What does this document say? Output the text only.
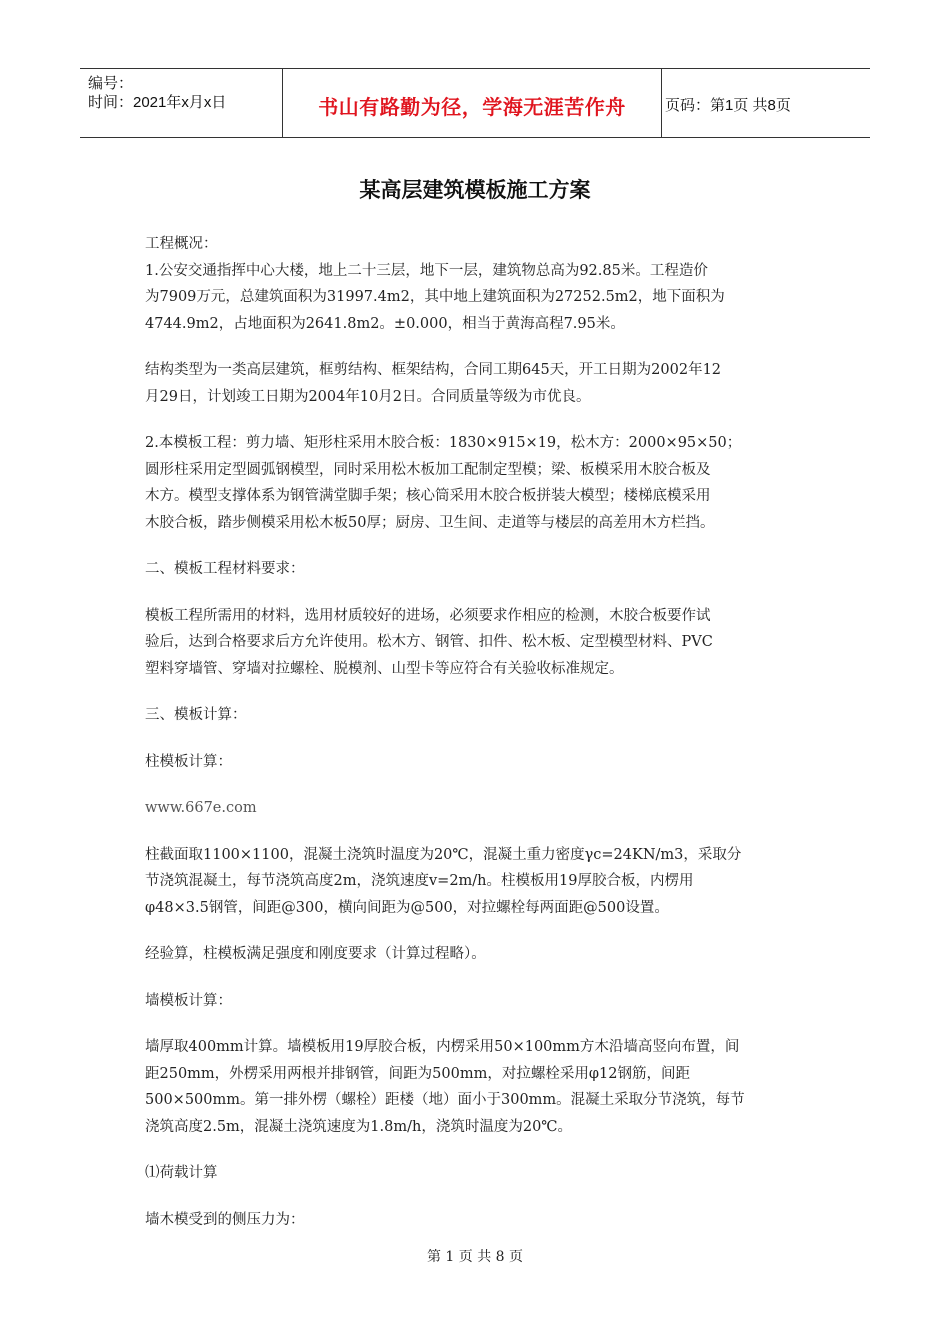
编号：
时间：2021年x月x日	书山有路勤为径，学海无涯苦作舟	页码：第1页 共8页
某高层建筑模板施工方案

工程概况：

1.公安交通指挥中心大楼，地上二十三层，地下一层，建筑物总高为92.85米。工程造价

为7909万元，总建筑面积为31997.4m2，其中地上建筑面积为27252.5m2，地下面积为

4744.9m2，占地面积为2641.8m2。±0.000，相当于黄海高程7.95米。

结构类型为一类高层建筑，框剪结构、框架结构，合同工期645天，开工日期为2002年12

月29日，计划竣工日期为2004年10月2日。合同质量等级为市优良。

2.本模板工程：剪力墙、矩形柱采用木胶合板：1830×915×19，松木方：2000×95×50；

圆形柱采用定型圆弧钢模型，同时采用松木板加工配制定型模；梁、板模采用木胶合板及

木方。模型支撑体系为钢管满堂脚手架；核心筒采用木胶合板拼装大模型；楼梯底模采用

木胶合板，踏步侧模采用松木板50厚；厨房、卫生间、走道等与楼层的高差用木方栏挡。

二、模板工程材料要求：

模板工程所需用的材料，选用材质较好的进场，必须要求作相应的检测，木胶合板要作试

验后，达到合格要求后方允许使用。松木方、钢管、扣件、松木板、定型模型材料、PVC

塑料穿墙管、穿墙对拉螺栓、脱模剂、山型卡等应符合有关验收标准规定。

三、模板计算：

柱模板计算：

www.667e.com

柱截面取1100×1100，混凝土浇筑时温度为20℃，混凝土重力密度γc=24KN/m3，采取分

节浇筑混凝土，每节浇筑高度2m，浇筑速度v=2m/h。柱模板用19厚胶合板，内楞用

φ48×3.5钢管，间距@300，横向间距为@500，对拉螺栓每两面距@500设置。

经验算，柱模板满足强度和刚度要求（计算过程略）。

墙模板计算：

墙厚取400mm计算。墙模板用19厚胶合板，内楞采用50×100mm方木沿墙高竖向布置，间

距250mm，外楞采用两根并排钢管，间距为500mm，对拉螺栓采用φ12钢筋，间距

500×500mm。第一排外楞（螺栓）距楼（地）面小于300mm。混凝土采取分节浇筑，每节

浇筑高度2.5m，混凝土浇筑速度为1.8m/h，浇筑时温度为20℃。

⑴荷载计算

墙木模受到的侧压力为：

第 1 页 共 8 页
